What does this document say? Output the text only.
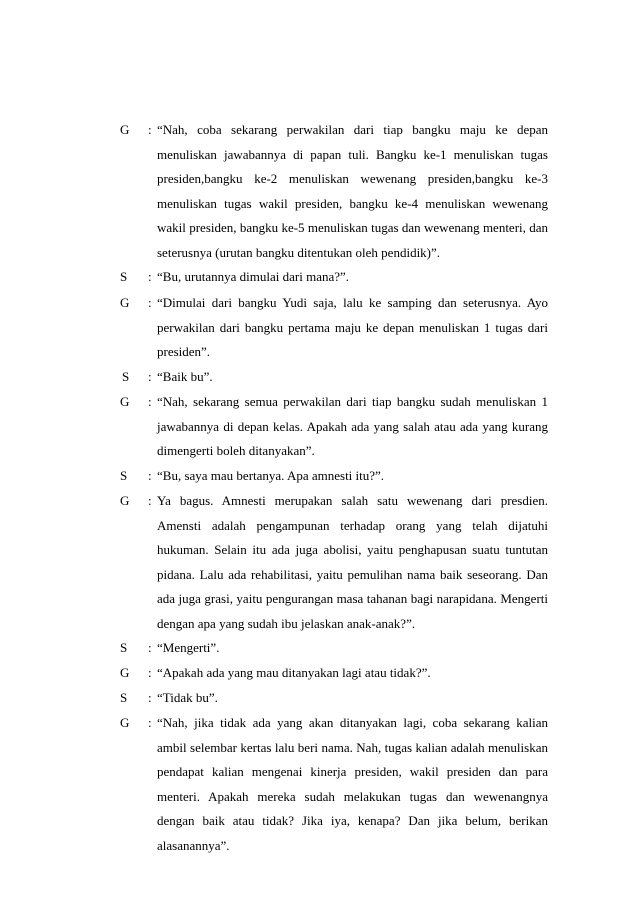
G	: “Nah, coba sekarang perwakilan dari tiap bangku maju ke depan menuliskan jawabannya di papan tuli. Bangku ke-1 menuliskan tugas presiden,bangku ke-2 menuliskan wewenang presiden,bangku ke-3 menuliskan tugas wakil presiden, bangku ke-4 menuliskan wewenang wakil presiden, bangku ke-5 menuliskan tugas dan wewenang menteri, dan seterusnya (urutan bangku ditentukan oleh pendidik)”.
S	: “Bu, urutannya dimulai dari mana?”.
G	: “Dimulai dari bangku Yudi saja, lalu ke samping dan seterusnya. Ayo perwakilan dari bangku pertama maju ke depan menuliskan 1 tugas dari presiden”.
S	: “Baik bu”.
G	: “Nah, sekarang semua perwakilan dari tiap bangku sudah menuliskan 1 jawabannya di depan kelas. Apakah ada yang salah atau ada yang kurang dimengerti boleh ditanyakan”.
S	: “Bu, saya mau bertanya. Apa amnesti itu?”.
G	: Ya bagus. Amnesti merupakan salah satu wewenang dari presdien. Amensti adalah pengampunan terhadap orang yang telah dijatuhi hukuman. Selain itu ada juga abolisi, yaitu penghapusan suatu tuntutan pidana. Lalu ada rehabilitasi, yaitu pemulihan nama baik seseorang. Dan ada juga grasi, yaitu pengurangan masa tahanan bagi narapidana. Mengerti dengan apa yang sudah ibu jelaskan anak-anak?”.
S	: “Mengerti”.
G	: “Apakah ada yang mau ditanyakan lagi atau tidak?”.
S	: “Tidak bu”.
G	: “Nah, jika tidak ada yang akan ditanyakan lagi, coba sekarang kalian ambil selembar kertas lalu beri nama. Nah, tugas kalian adalah menuliskan pendapat kalian mengenai kinerja presiden, wakil presiden dan para menteri. Apakah mereka sudah melakukan tugas dan wewenangnya dengan baik atau tidak? Jika iya, kenapa? Dan jika belum, berikan alasanannya”.
